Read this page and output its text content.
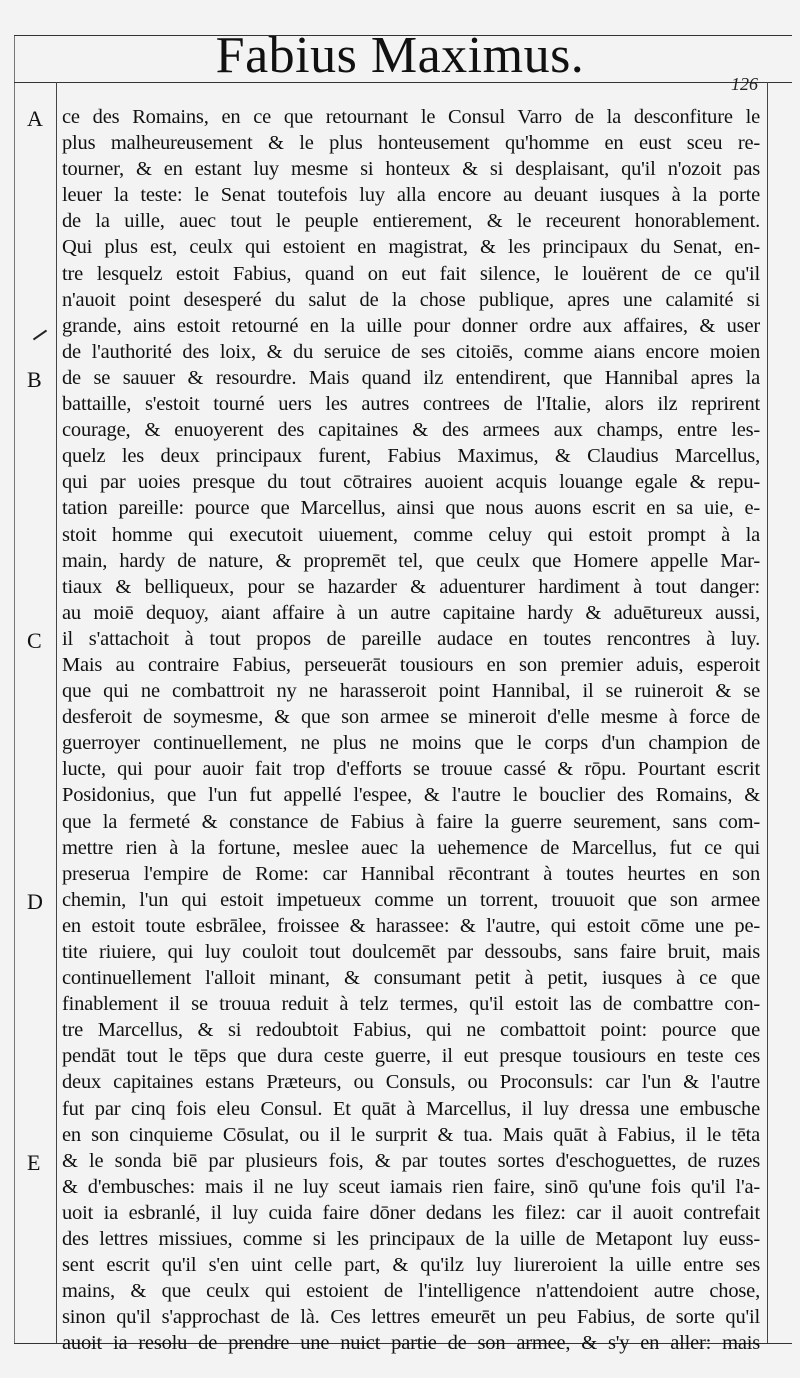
Fabius Maximus.	126
A
B
C
D
E
ce des Romains, en ce que retournant le Consul Varro de la desconfiture le
plus malheureusement & le plus honteusement qu'homme en eust sceu re-
tourner, & en estant luy mesme si honteux & si desplaisant, qu'il n'ozoit pas
leuer la teste: le Senat toutefois luy alla encore au deuant iusques à la porte
de la uille, auec tout le peuple entierement, & le receurent honorablement.
Qui plus est, ceulx qui estoient en magistrat, & les principaux du Senat, en-
tre lesquelz estoit Fabius, quand on eut fait silence, le louërent de ce qu'il
n'auoit point desesperé du salut de la chose publique, apres une calamité si
grande, ains estoit retourné en la uille pour donner ordre aux affaires, & user
de l'authorité des loix, & du seruice de ses citoiēs, comme aians encore moien
de se sauuer & resourdre. Mais quand ilz entendirent, que Hannibal apres la
battaille, s'estoit tourné uers les autres contrees de l'Italie, alors ilz reprirent
courage, & enuoyerent des capitaines & des armees aux champs, entre les-
quelz les deux principaux furent, Fabius Maximus, & Claudius Marcellus,
qui par uoies presque du tout cōtraires auoient acquis louange egale & repu-
tation pareille: pource que Marcellus, ainsi que nous auons escrit en sa uie, e-
stoit homme qui executoit uiuement, comme celuy qui estoit prompt à la
main, hardy de nature, & propremēt tel, que ceulx que Homere appelle Mar-
tiaux & belliqueux, pour se hazarder & aduenturer hardiment à tout danger:
au moiē dequoy, aiant affaire à un autre capitaine hardy & aduētureux aussi,
il s'attachoit à tout propos de pareille audace en toutes rencontres à luy.
Mais au contraire Fabius, perseuerāt tousiours en son premier aduis, esperoit
que qui ne combattroit ny ne harasseroit point Hannibal, il se ruineroit & se
desferoit de soymesme, & que son armee se mineroit d'elle mesme à force de
guerroyer continuellement, ne plus ne moins que le corps d'un champion de
lucte, qui pour auoir fait trop d'efforts se trouue cassé & rōpu. Pourtant escrit
Posidonius, que l'un fut appellé l'espee, & l'autre le bouclier des Romains, &
que la fermeté & constance de Fabius à faire la guerre seurement, sans com-
mettre rien à la fortune, meslee auec la uehemence de Marcellus, fut ce qui
preserua l'empire de Rome: car Hannibal rēcontrant à toutes heurtes en son
chemin, l'un qui estoit impetueux comme un torrent, trouuoit que son armee
en estoit toute esbrālee, froissee & harassee: & l'autre, qui estoit cōme une pe-
tite riuiere, qui luy couloit tout doulcemēt par dessoubs, sans faire bruit, mais
continuellement l'alloit minant, & consumant petit à petit, iusques à ce que
finablement il se trouua reduit à telz termes, qu'il estoit las de combattre con-
tre Marcellus, & si redoubtoit Fabius, qui ne combattoit point: pource que
pendāt tout le tēps que dura ceste guerre, il eut presque tousiours en teste ces
deux capitaines estans Præteurs, ou Consuls, ou Proconsuls: car l'un & l'autre
fut par cinq fois eleu Consul. Et quāt à Marcellus, il luy dressa une embusche
en son cinquieme Cōsulat, ou il le surprit & tua. Mais quāt à Fabius, il le tēta
& le sonda biē par plusieurs fois, & par toutes sortes d'eschoguettes, de ruzes
& d'embusches: mais il ne luy sceut iamais rien faire, sinō qu'une fois qu'il l'a-
uoit ia esbranlé, il luy cuida faire dōner dedans les filez: car il auoit contrefait
des lettres missiues, comme si les principaux de la uille de Metapont luy euss-
sent escrit qu'il s'en uint celle part, & qu'ilz luy liureroient la uille entre ses
mains, & que ceulx qui estoient de l'intelligence n'attendoient autre chose,
sinon qu'il s'approchast de là. Ces lettres emeurēt un peu Fabius, de sorte qu'il
auoit ia resolu de prendre une nuict partie de son armee, & s'y en aller: mais
